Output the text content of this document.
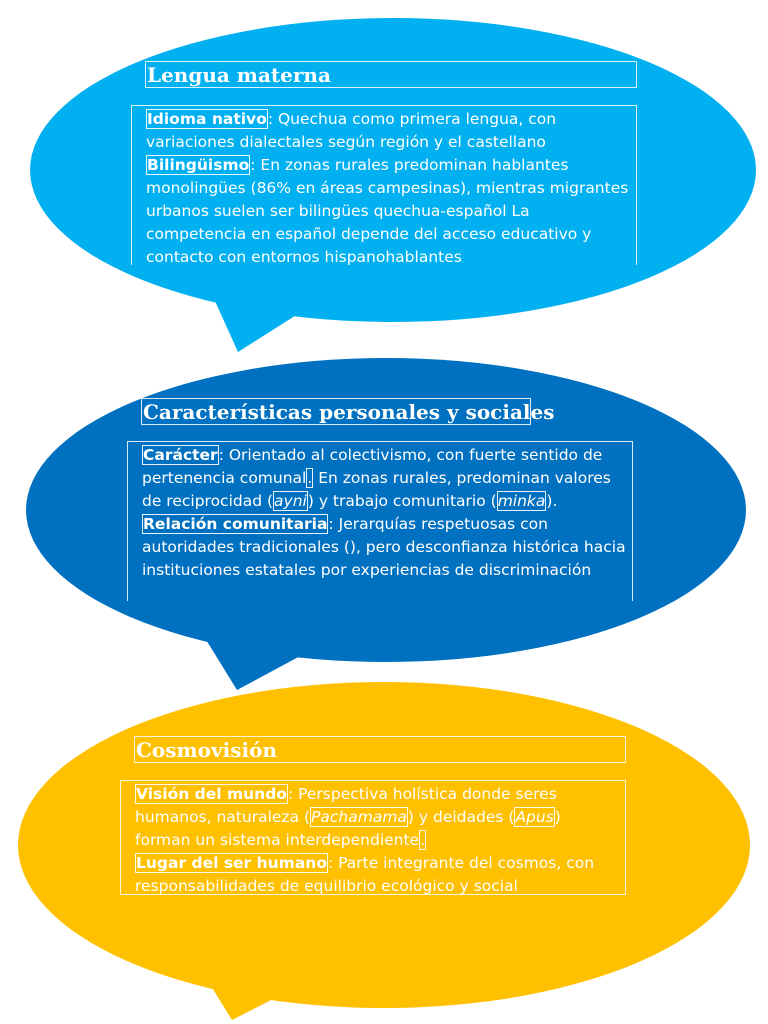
Lengua materna
Idioma nativo: Quechua como primera lengua, con variaciones dialectales según región y el castellano
Bilingüismo: En zonas rurales predominan hablantes monolingües (86% en áreas campesinas), mientras migrantes urbanos suelen ser bilingües quechua-español La competencia en español depende del acceso educativo y contacto con entornos hispanohablantes
Características personales y sociales
Carácter: Orientado al colectivismo, con fuerte sentido de pertenencia comunal. En zonas rurales, predominan valores de reciprocidad (ayni) y trabajo comunitario (minka).
Relación comunitaria: Jerarquías respetuosas con autoridades tradicionales (), pero desconfianza histórica hacia instituciones estatales por experiencias de discriminación
Cosmovisión
Visión del mundo: Perspectiva holística donde seres humanos, naturaleza (Pachamama) y deidades (Apus) forman un sistema interdependiente.
Lugar del ser humano: Parte integrante del cosmos, con responsabilidades de equilibrio ecológico y social
